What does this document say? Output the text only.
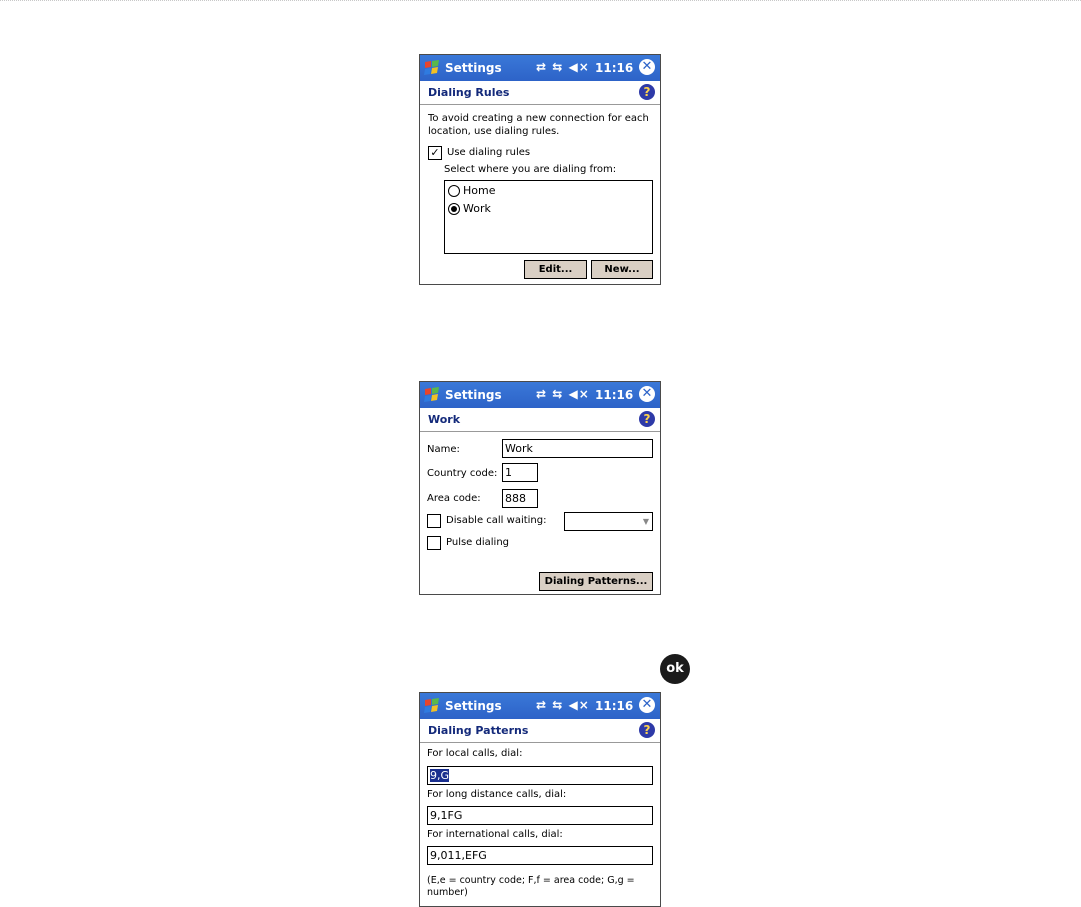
Settings	⇄ ⇆ ◀× 11:16 ✕
Dialing Rules	?
To avoid creating a new connection for each location, use dialing rules.
✓ Use dialing rules
Select where you are dialing from:
Home
Work
Edit...	New...
Settings	⇄ ⇆ ◀× 11:16 ✕
Work	?
Name:	Work
Country code: 1
Area code: 888
Disable call waiting:	▼
Pulse dialing
Dialing Patterns...
ok
Settings	⇄ ⇆ ◀× 11:16 ✕
Dialing Patterns	?
For local calls, dial:
9,G
For long distance calls, dial:
9,1FG
For international calls, dial:
9,011,EFG
(E,e = country code; F,f = area code; G,g = number)
